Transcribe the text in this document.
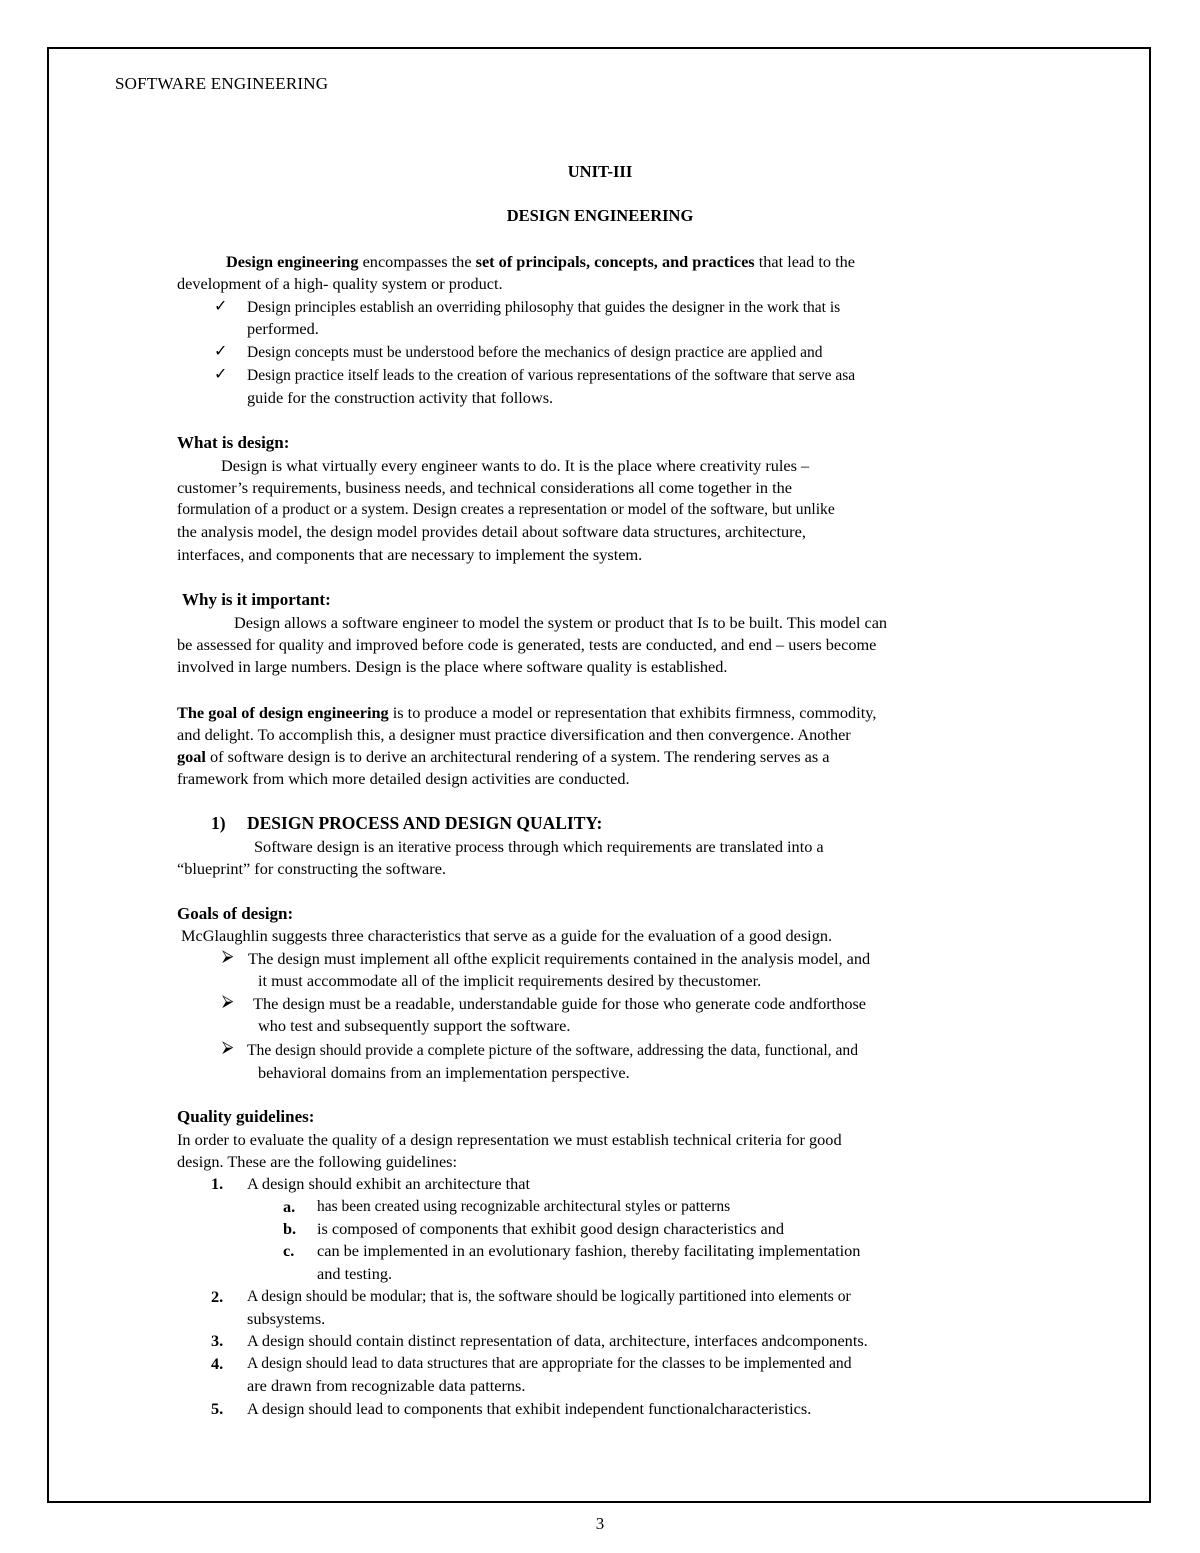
SOFTWARE ENGINEERING
UNIT-III
DESIGN ENGINEERING
Design engineering encompasses the set of principals, concepts, and practices that lead to the
development of a high- quality system or product.
✓ Design principles establish an overriding philosophy that guides the designer in the work that is
performed.
✓ Design concepts must be understood before the mechanics of design practice are applied and
✓ Design practice itself leads to the creation of various representations of the software that serve asa
guide for the construction activity that follows.
What is design:
Design is what virtually every engineer wants to do. It is the place where creativity rules –
customer’s requirements, business needs, and technical considerations all come together in the
formulation of a product or a system. Design creates a representation or model of the software, but unlike
the analysis model, the design model provides detail about software data structures, architecture,
interfaces, and components that are necessary to implement the system.
Why is it important:
Design allows a software engineer to model the system or product that Is to be built. This model can
be assessed for quality and improved before code is generated, tests are conducted, and end – users become
involved in large numbers. Design is the place where software quality is established.
The goal of design engineering is to produce a model or representation that exhibits firmness, commodity,
and delight. To accomplish this, a designer must practice diversification and then convergence. Another
goal of software design is to derive an architectural rendering of a system. The rendering serves as a
framework from which more detailed design activities are conducted.
1) DESIGN PROCESS AND DESIGN QUALITY:
Software design is an iterative process through which requirements are translated into a
“blueprint” for constructing the software.
Goals of design:
McGlaughlin suggests three characteristics that serve as a guide for the evaluation of a good design.
⮚ The design must implement all ofthe explicit requirements contained in the analysis model, and
it must accommodate all of the implicit requirements desired by thecustomer.
⮚ The design must be a readable, understandable guide for those who generate code andforthose
who test and subsequently support the software.
⮚ The design should provide a complete picture of the software, addressing the data, functional, and
behavioral domains from an implementation perspective.
Quality guidelines:
In order to evaluate the quality of a design representation we must establish technical criteria for good
design. These are the following guidelines:
1. A design should exhibit an architecture that
a. has been created using recognizable architectural styles or patterns
b. is composed of components that exhibit good design characteristics and
c. can be implemented in an evolutionary fashion, thereby facilitating implementation
and testing.
2. A design should be modular; that is, the software should be logically partitioned into elements or
subsystems.
3. A design should contain distinct representation of data, architecture, interfaces andcomponents.
4. A design should lead to data structures that are appropriate for the classes to be implemented and
are drawn from recognizable data patterns.
5. A design should lead to components that exhibit independent functionalcharacteristics.
3
